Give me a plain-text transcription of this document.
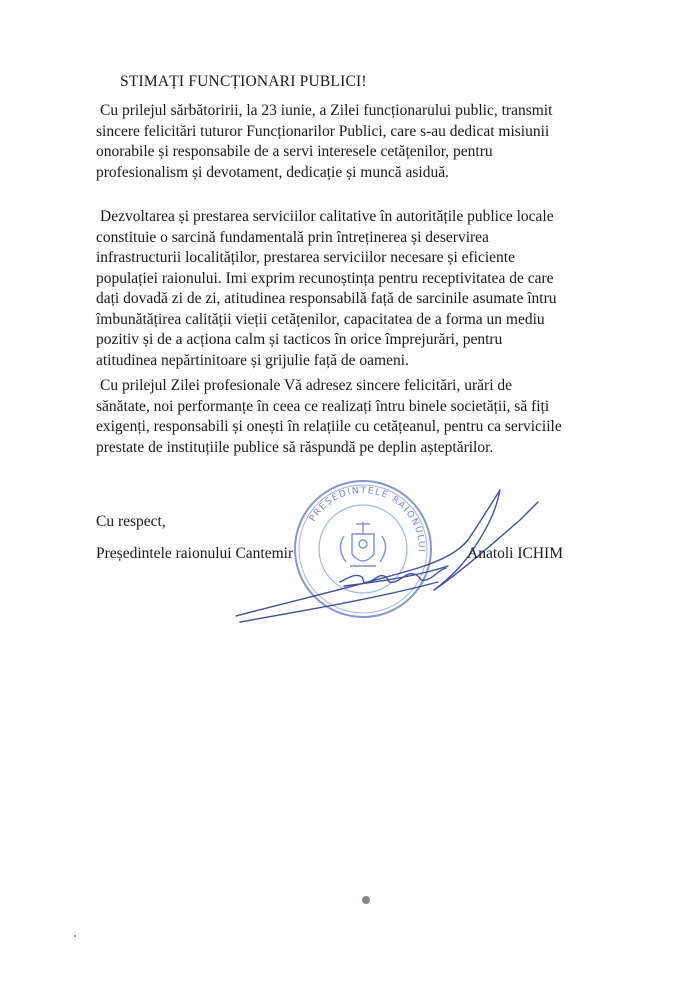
STIMAȚI FUNCȚIONARI PUBLICI!
Cu prilejul sărbătoririi, la 23 iunie, a Zilei funcționarului public, transmit
sincere felicitări tuturor Funcționarilor Publici, care s-au dedicat misiunii
onorabile și responsabile de a servi interesele cetățenilor, pentru
profesionalism și devotament, dedicație și muncă asiduă.
Dezvoltarea și prestarea serviciilor calitative în autoritățile publice locale
constituie o sarcină fundamentală prin întreținerea și deservirea
infrastructurii localităților, prestarea serviciilor necesare și eficiente
populației raionului. Imi exprim recunoștința pentru receptivitatea de care
dați dovadă zi de zi, atitudinea responsabilă față de sarcinile asumate întru
îmbunătățirea calității vieții cetățenilor, capacitatea de a forma un mediu
pozitiv și de a acționa calm și tacticos în orice împrejurări, pentru
atitudinea nepărtinitoare și grijulie față de oameni.
Cu prilejul Zilei profesionale Vă adresez sincere felicitări, urări de
sănătate, noi performanțe în ceea ce realizați întru binele societății, să fiți
exigenți, responsabili și onești în relațiile cu cetățeanul, pentru ca serviciile
prestate de instituțiile publice să răspundă pe deplin așteptărilor.
PREȘEDINTELE RAIONULUI
Cu respect,
Președintele raionului Cantemir	Anatoli ICHIM
